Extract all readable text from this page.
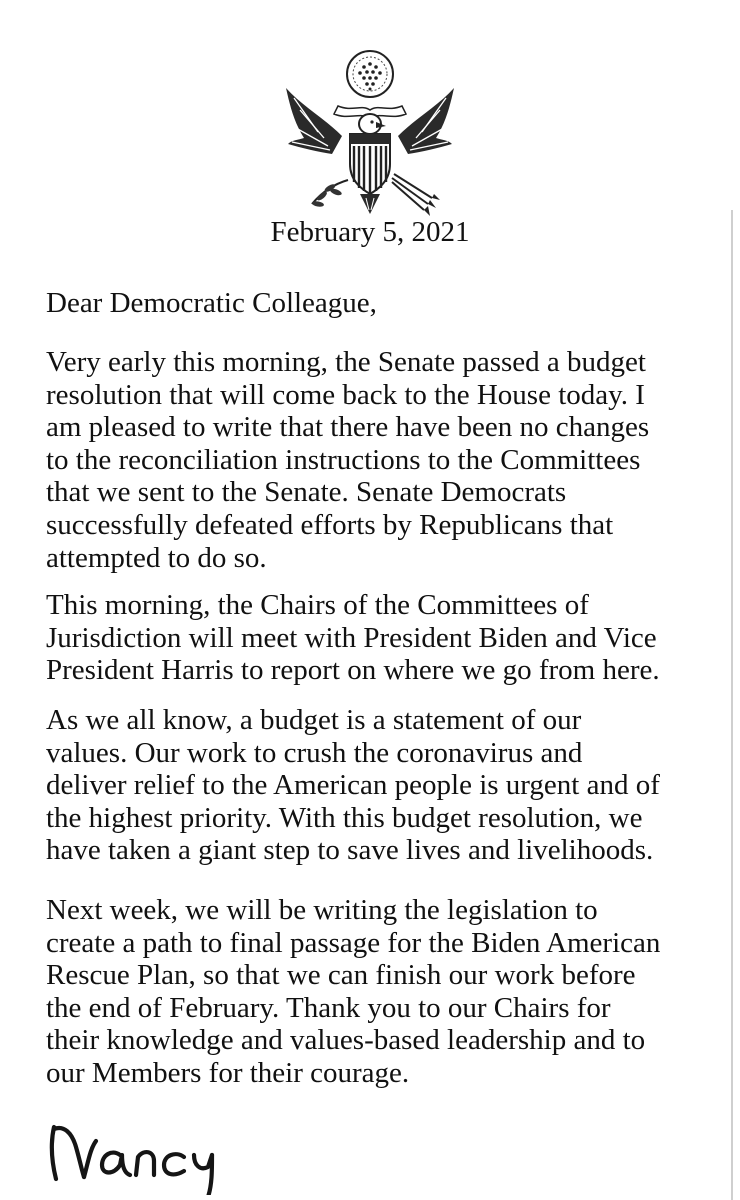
February 5, 2021
Dear Democratic Colleague,
Very early this morning, the Senate passed a budget
resolution that will come back to the House today. I
am pleased to write that there have been no changes
to the reconciliation instructions to the Committees
that we sent to the Senate. Senate Democrats
successfully defeated efforts by Republicans that
attempted to do so.
This morning, the Chairs of the Committees of
Jurisdiction will meet with President Biden and Vice
President Harris to report on where we go from here.
As we all know, a budget is a statement of our
values. Our work to crush the coronavirus and
deliver relief to the American people is urgent and of
the highest priority. With this budget resolution, we
have taken a giant step to save lives and livelihoods.
Next week, we will be writing the legislation to
create a path to final passage for the Biden American
Rescue Plan, so that we can finish our work before
the end of February. Thank you to our Chairs for
their knowledge and values-based leadership and to
our Members for their courage.
